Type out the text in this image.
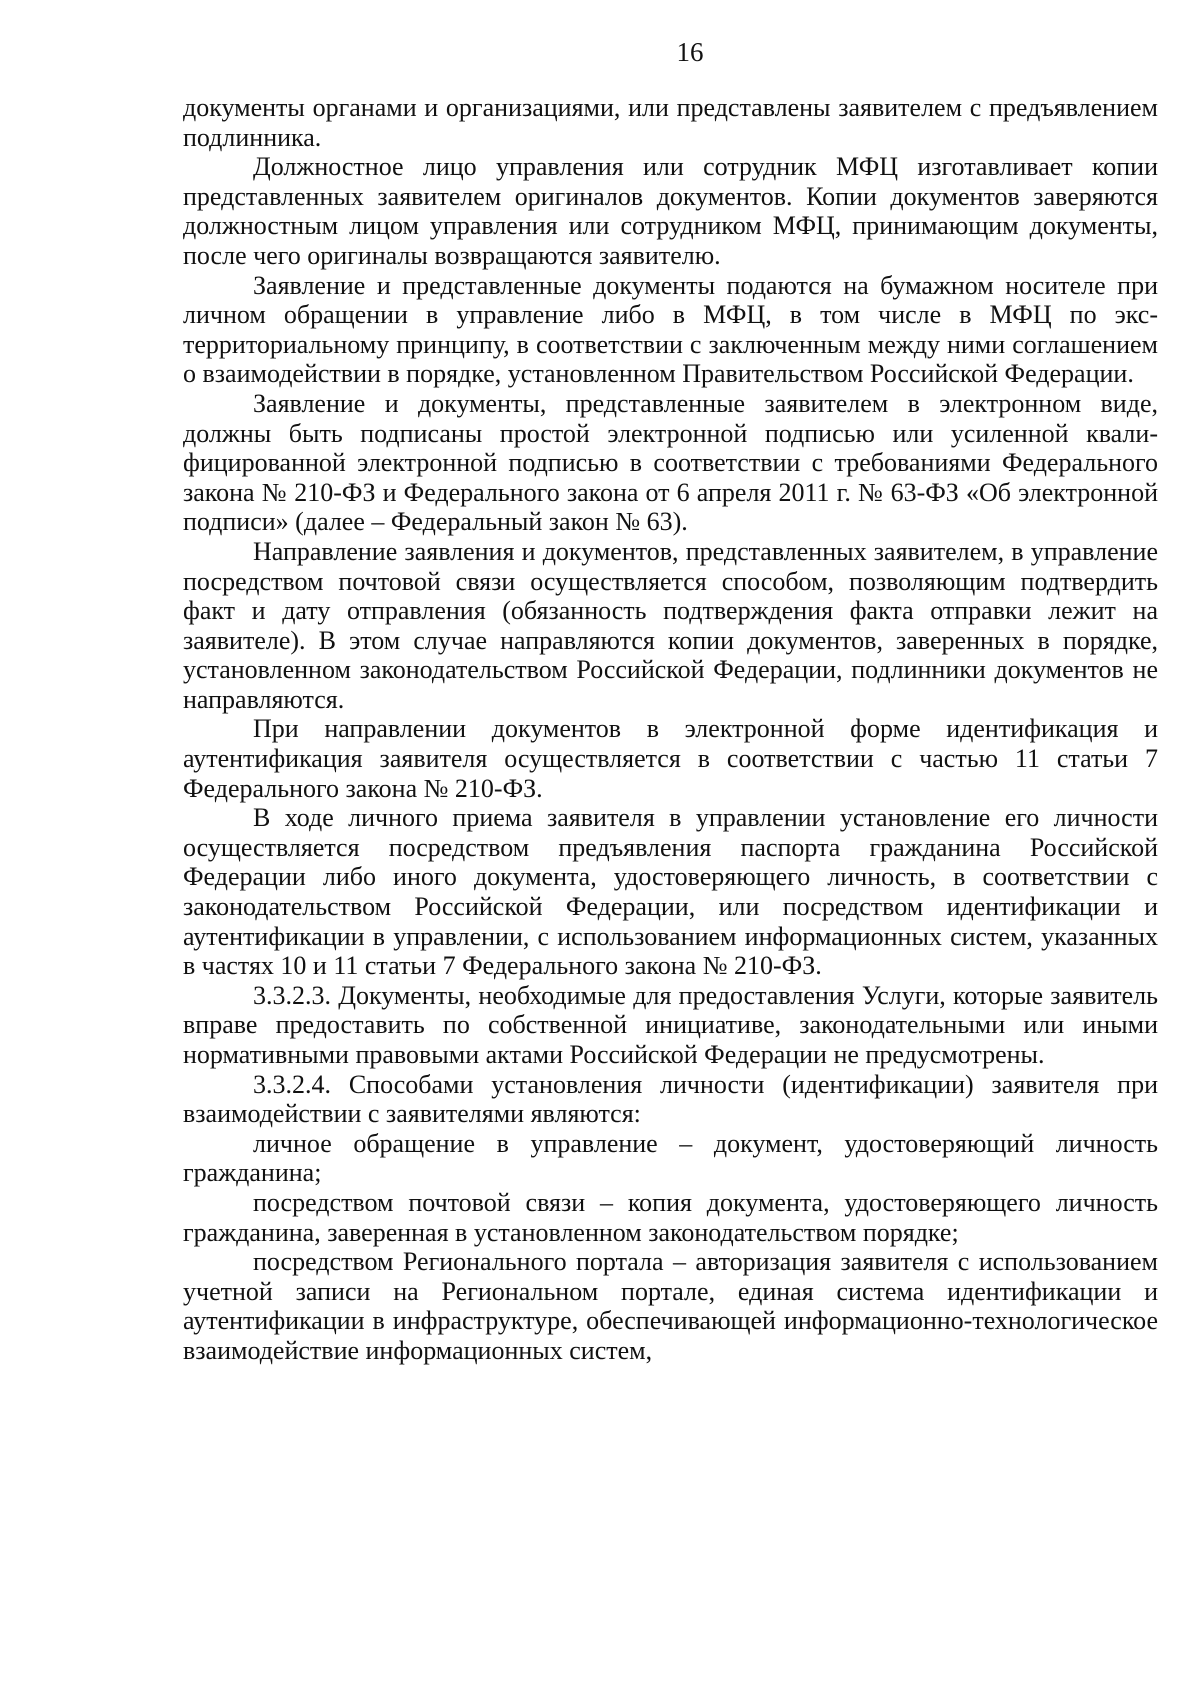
16

документы органами и организациями, или представлены заявителем с предъявлением подлинника.

Должностное лицо управления или сотрудник МФЦ изготавливает копии представленных заявителем оригиналов документов. Копии документов заверяются должностным лицом управления или сотрудником МФЦ, принимающим документы, после чего оригиналы возвращаются заявителю.

Заявление и представленные документы подаются на бумажном носителе при личном обращении в управление либо в МФЦ, в том числе в МФЦ по экстерриториальному принципу, в соответствии с заключенным между ними соглашением о взаимодействии в порядке, установленном Правительством Российской Федерации.

Заявление и документы, представленные заявителем в электронном виде, должны быть подписаны простой электронной подписью или усиленной квалифицированной электронной подписью в соответствии с требованиями Федерального закона № 210-ФЗ и Федерального закона от 6 апреля 2011 г. № 63-ФЗ «Об электронной подписи» (далее – Федеральный закон № 63).

Направление заявления и документов, представленных заявителем, в управление посредством почтовой связи осуществляется способом, позволяющим подтвердить факт и дату отправления (обязанность подтверждения факта отправки лежит на заявителе). В этом случае направляются копии документов, заверенных в порядке, установленном законодательством Российской Федерации, подлинники документов не направляются.

При направлении документов в электронной форме идентификация и аутентификация заявителя осуществляется в соответствии с частью 11 статьи 7 Федерального закона № 210-ФЗ.

В ходе личного приема заявителя в управлении установление его личности осуществляется посредством предъявления паспорта гражданина Российской Федерации либо иного документа, удостоверяющего личность, в соответствии с законодательством Российской Федерации, или посредством идентификации и аутентификации в управлении, с использованием информационных систем, указанных в частях 10 и 11 статьи 7 Федерального закона № 210-ФЗ.

3.3.2.3. Документы, необходимые для предоставления Услуги, которые заявитель вправе предоставить по собственной инициативе, законодательными или иными нормативными правовыми актами Российской Федерации не предусмотрены.

3.3.2.4. Способами установления личности (идентификации) заявителя при взаимодействии с заявителями являются:

личное обращение в управление – документ, удостоверяющий личность гражданина;

посредством почтовой связи – копия документа, удостоверяющего личность гражданина, заверенная в установленном законодательством порядке;

посредством Регионального портала – авторизация заявителя с использованием учетной записи на Региональном портале, единая система идентификации и аутентификации в инфраструктуре, обеспечивающей информационно-технологическое взаимодействие информационных систем,
